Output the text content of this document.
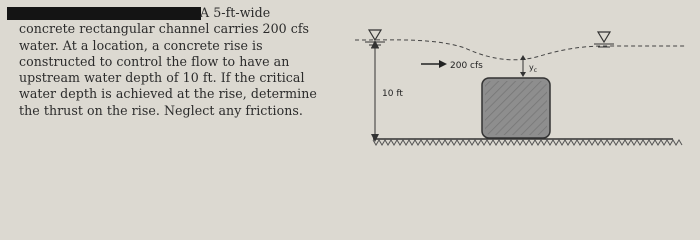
A 5-ft-wide
concrete rectangular channel carries 200 cfs
water. At a location, a concrete rise is
constructed to control the flow to have an
upstream water depth of 10 ft. If the critical
water depth is achieved at the rise, determine
the thrust on the rise. Neglect any frictions.
10 ft
200 cfs	$y_c$
